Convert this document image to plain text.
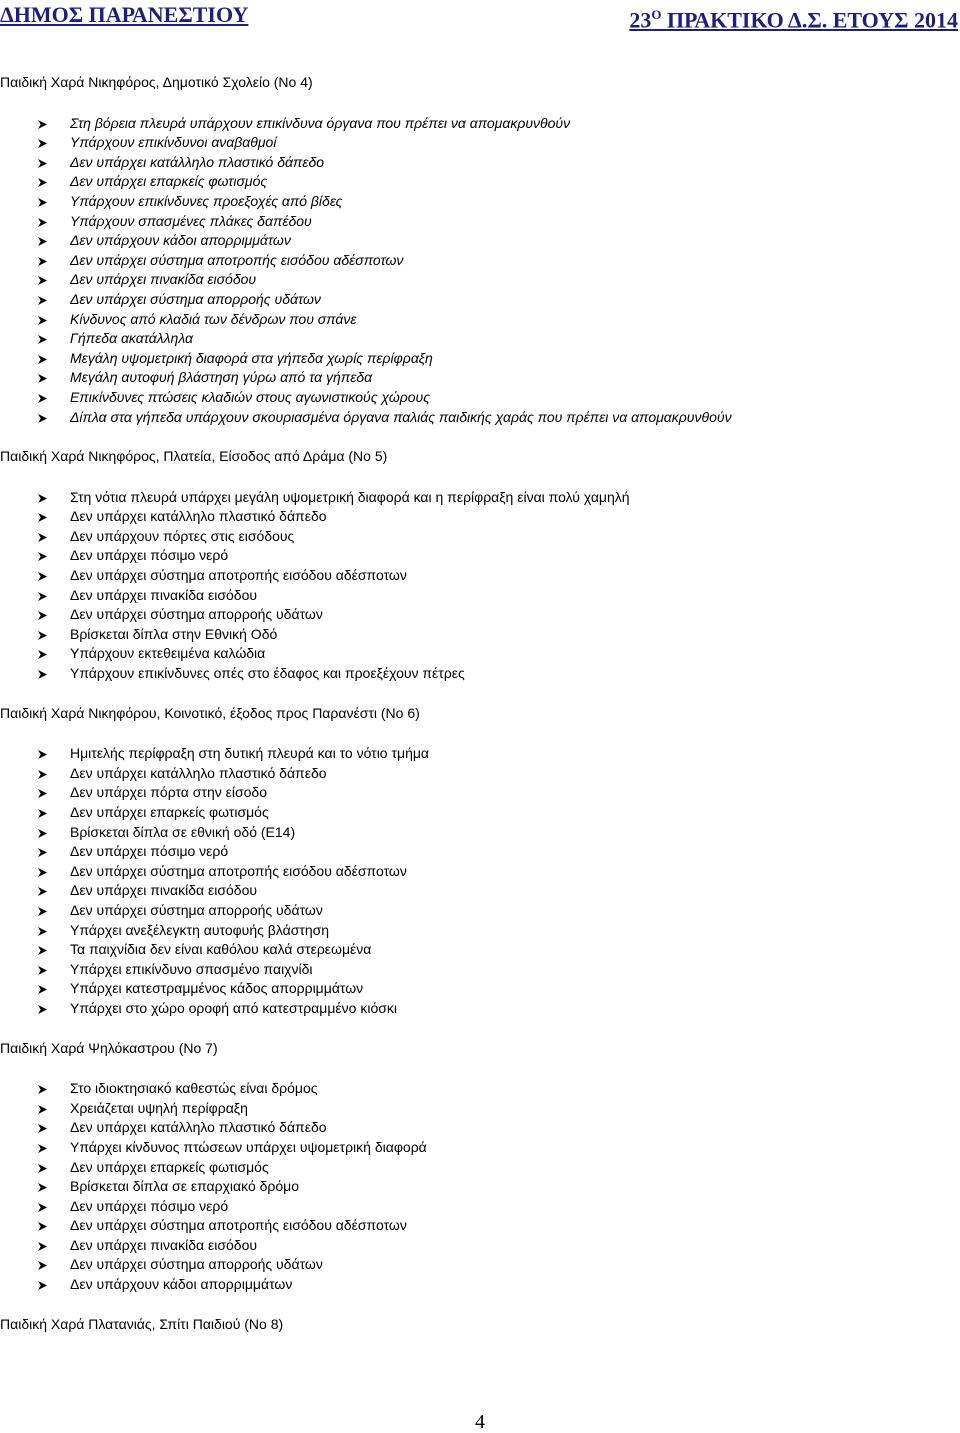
ΔΗΜΟΣ ΠΑΡΑΝΕΣΤΙΟΥ	$23^O$ ΠΡΑΚΤΙΚΟ Δ.Σ. ΕΤΟΥΣ 2014
Παιδική Χαρά Νικηφόρος, Δημοτικό Σχολείο (Νο 4)
Στη βόρεια πλευρά υπάρχουν επικίνδυνα όργανα που πρέπει να απομακρυνθούν
Υπάρχουν επικίνδυνοι αναβαθμοί
Δεν υπάρχει κατάλληλο πλαστικό δάπεδο
Δεν υπάρχει επαρκείς φωτισμός
Υπάρχουν επικίνδυνες προεξοχές από βίδες
Υπάρχουν σπασμένες πλάκες δαπέδου
Δεν υπάρχουν κάδοι απορριμμάτων
Δεν υπάρχει σύστημα αποτροπής εισόδου αδέσποτων
Δεν υπάρχει πινακίδα εισόδου
Δεν υπάρχει σύστημα απορροής υδάτων
Κίνδυνος από κλαδιά των δένδρων που σπάνε
Γήπεδα ακατάλληλα
Μεγάλη υψομετρική διαφορά στα γήπεδα χωρίς περίφραξη
Μεγάλη αυτοφυή βλάστηση γύρω από τα γήπεδα
Επικίνδυνες πτώσεις κλαδιών στους αγωνιστικούς χώρους
Δίπλα στα γήπεδα υπάρχουν σκουριασμένα όργανα παλιάς παιδικής χαράς που πρέπει να απομακρυνθούν
Παιδική Χαρά Νικηφόρος, Πλατεία, Είσοδος από Δράμα (Νο 5)
Στη νότια πλευρά υπάρχει μεγάλη υψομετρική διαφορά και η περίφραξη είναι πολύ χαμηλή
Δεν υπάρχει κατάλληλο πλαστικό δάπεδο
Δεν υπάρχουν πόρτες στις εισόδους
Δεν υπάρχει πόσιμο νερό
Δεν υπάρχει σύστημα αποτροπής εισόδου αδέσποτων
Δεν υπάρχει πινακίδα εισόδου
Δεν υπάρχει σύστημα απορροής υδάτων
Βρίσκεται δίπλα στην Εθνική Οδό
Υπάρχουν εκτεθειμένα καλώδια
Υπάρχουν επικίνδυνες οπές στο έδαφος και προεξέχουν πέτρες
Παιδική Χαρά Νικηφόρου, Κοινοτικό, έξοδος προς Παρανέστι (Νο 6)
Ημιτελής περίφραξη στη δυτική πλευρά και το νότιο τμήμα
Δεν υπάρχει κατάλληλο πλαστικό δάπεδο
Δεν υπάρχει πόρτα στην είσοδο
Δεν υπάρχει επαρκείς φωτισμός
Βρίσκεται δίπλα σε εθνική οδό (Ε14)
Δεν υπάρχει πόσιμο νερό
Δεν υπάρχει σύστημα αποτροπής εισόδου αδέσποτων
Δεν υπάρχει πινακίδα εισόδου
Δεν υπάρχει σύστημα απορροής υδάτων
Υπάρχει ανεξέλεγκτη αυτοφυής βλάστηση
Τα παιχνίδια δεν είναι καθόλου καλά στερεωμένα
Υπάρχει επικίνδυνο σπασμένο παιχνίδι
Υπάρχει κατεστραμμένος κάδος απορριμμάτων
Υπάρχει στο χώρο οροφή από κατεστραμμένο κιόσκι
Παιδική Χαρά Ψηλόκαστρου (Νο 7)
Στο ιδιοκτησιακό καθεστώς είναι δρόμος
Χρειάζεται υψηλή περίφραξη
Δεν υπάρχει κατάλληλο πλαστικό δάπεδο
Υπάρχει κίνδυνος πτώσεων υπάρχει υψομετρική διαφορά
Δεν υπάρχει επαρκείς φωτισμός
Βρίσκεται δίπλα σε επαρχιακό δρόμο
Δεν υπάρχει πόσιμο νερό
Δεν υπάρχει σύστημα αποτροπής εισόδου αδέσποτων
Δεν υπάρχει πινακίδα εισόδου
Δεν υπάρχει σύστημα απορροής υδάτων
Δεν υπάρχουν κάδοι απορριμμάτων
Παιδική Χαρά Πλατανιάς, Σπίτι Παιδιού (Νο 8)
4
